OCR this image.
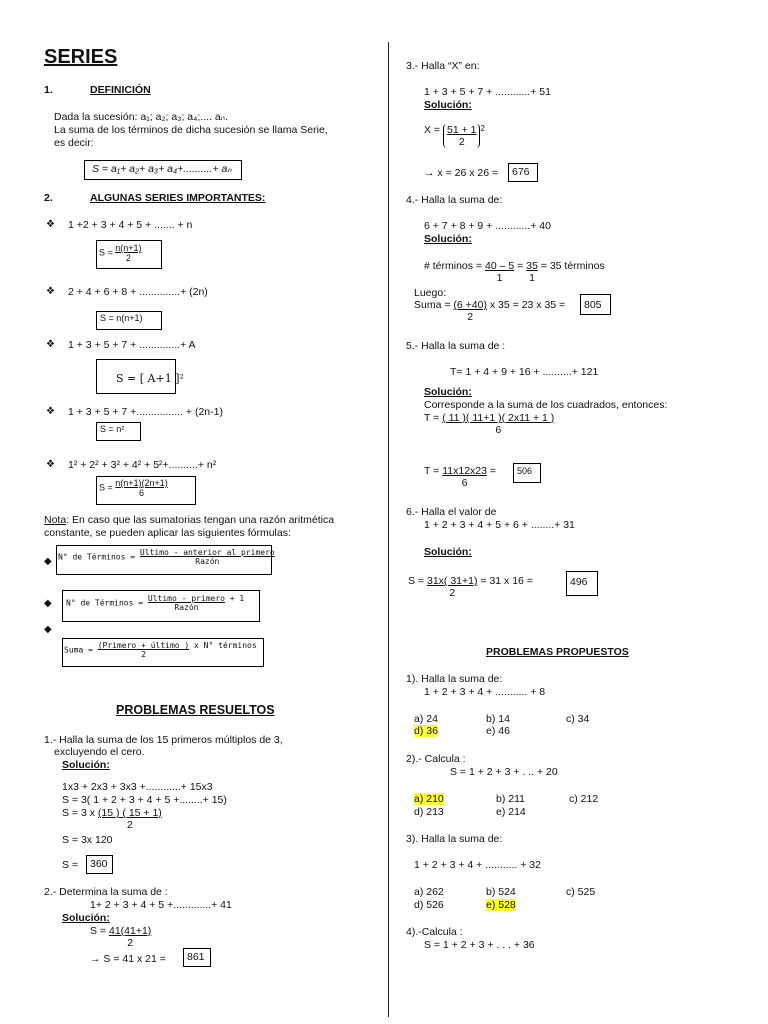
SERIES
1.	DEFINICIÓN
Dada la sucesión: a₁; a₂; a₃; a₄;.... aₙ.
La suma de los términos de dicha sucesión se llama Serie,
es decir:
S = a₁+ a₂+ a₃+ a₄+..........+ aₙ
2.	ALGUNAS SERIES IMPORTANTES:
❖ 1 +2 + 3 + 4 + 5 + ....... + n
$S = \frac{n(n+1)}{2}$
❖ 2 + 4 + 6 + 8 + ..............+ (2n)
S = n(n+1)
❖ 1 + 3 + 5 + 7 + ..............+ A
S = [ A+1 ]²
❖ 1 + 3 + 5 + 7 +................ + (2n-1)
S = n²
❖ 1² + 2² + 3² + 4² + 5²+..........+ n²
$S = \frac{n(n+1)(2n+1)}{6}$
Nota: En caso que las sumatorias tengan una razón aritmética
constante, se pueden aplicar las siguientes fórmulas:
◆ N° de Términos = $\frac{\text{Ultimo - anterior al primero}}{\text{Razón}}$
◆ N° de Términos = $\frac{\text{Ultimo - primero}}{\text{Razón}} + 1$
◆
Suma = $\frac{\text{(Primero + último )}}{2}$ x N° términos
PROBLEMAS RESUELTOS
1.- Halla la suma de los 15 primeros múltiplos de 3,
excluyendo el cero.
Solución:
1x3 + 2x3 + 3x3 +............+ 15x3
S = 3( 1 + 2 + 3 + 4 + 5 +........+ 15)
S = 3 x $\frac{(15 ) ( 15 + 1)}{2}$
S = 3x 120
S = 360
2.- Determina la suma de :
1+ 2 + 3 + 4 + 5 +.............+ 41
Solución:
$S = \frac{41(41+1)}{2}$
→ S = 41 x 21 = 861
3.- Halla “X” en:
1 + 3 + 5 + 7 + ............+ 51
Solución:
$X = \frac{51 + 1}{2} ^2$
→ x = 26 x 26 = 676
4.- Halla la suma de:
6 + 7 + 8 + 9 + ............+ 40
Solución:
# términos = $\frac{40 - 5}{1} = \frac{35}{1} = 35$ términos
Luego:
Suma = $\frac{(6 +40)}{2}$ x 35 = 23 x 35 = 805
5.- Halla la suma de :
T= 1 + 4 + 9 + 16 + ..........+ 121
Solución:
Corresponde a la suma de los cuadrados, entonces:
$T = \frac{( 11 )( 11+1 )( 2x11 + 1 )}{6}$
$T = \frac{11x12x23}{6} = 506$
6.- Halla el valor de
1 + 2 + 3 + 4 + 5 + 6 + ........+ 31
Solución:
$S = \frac{31x( 31+1)}{2} = 31$ x 16 =	496
PROBLEMAS PROPUESTOS
1). Halla la suma de:
1 + 2 + 3 + 4 + ........... + 8
a) 24	b) 14	c) 34
d) 36	e) 46
2).- Calcula :
S = 1 + 2 + 3 + . .. + 20
a) 210	b) 211	c) 212
d) 213	e) 214
3). Halla la suma de:
1 + 2 + 3 + 4 + ........... + 32
a) 262	b) 524	c) 525
d) 526	e) 528
4).-Calcula :
S = 1 + 2 + 3 + . . . + 36
